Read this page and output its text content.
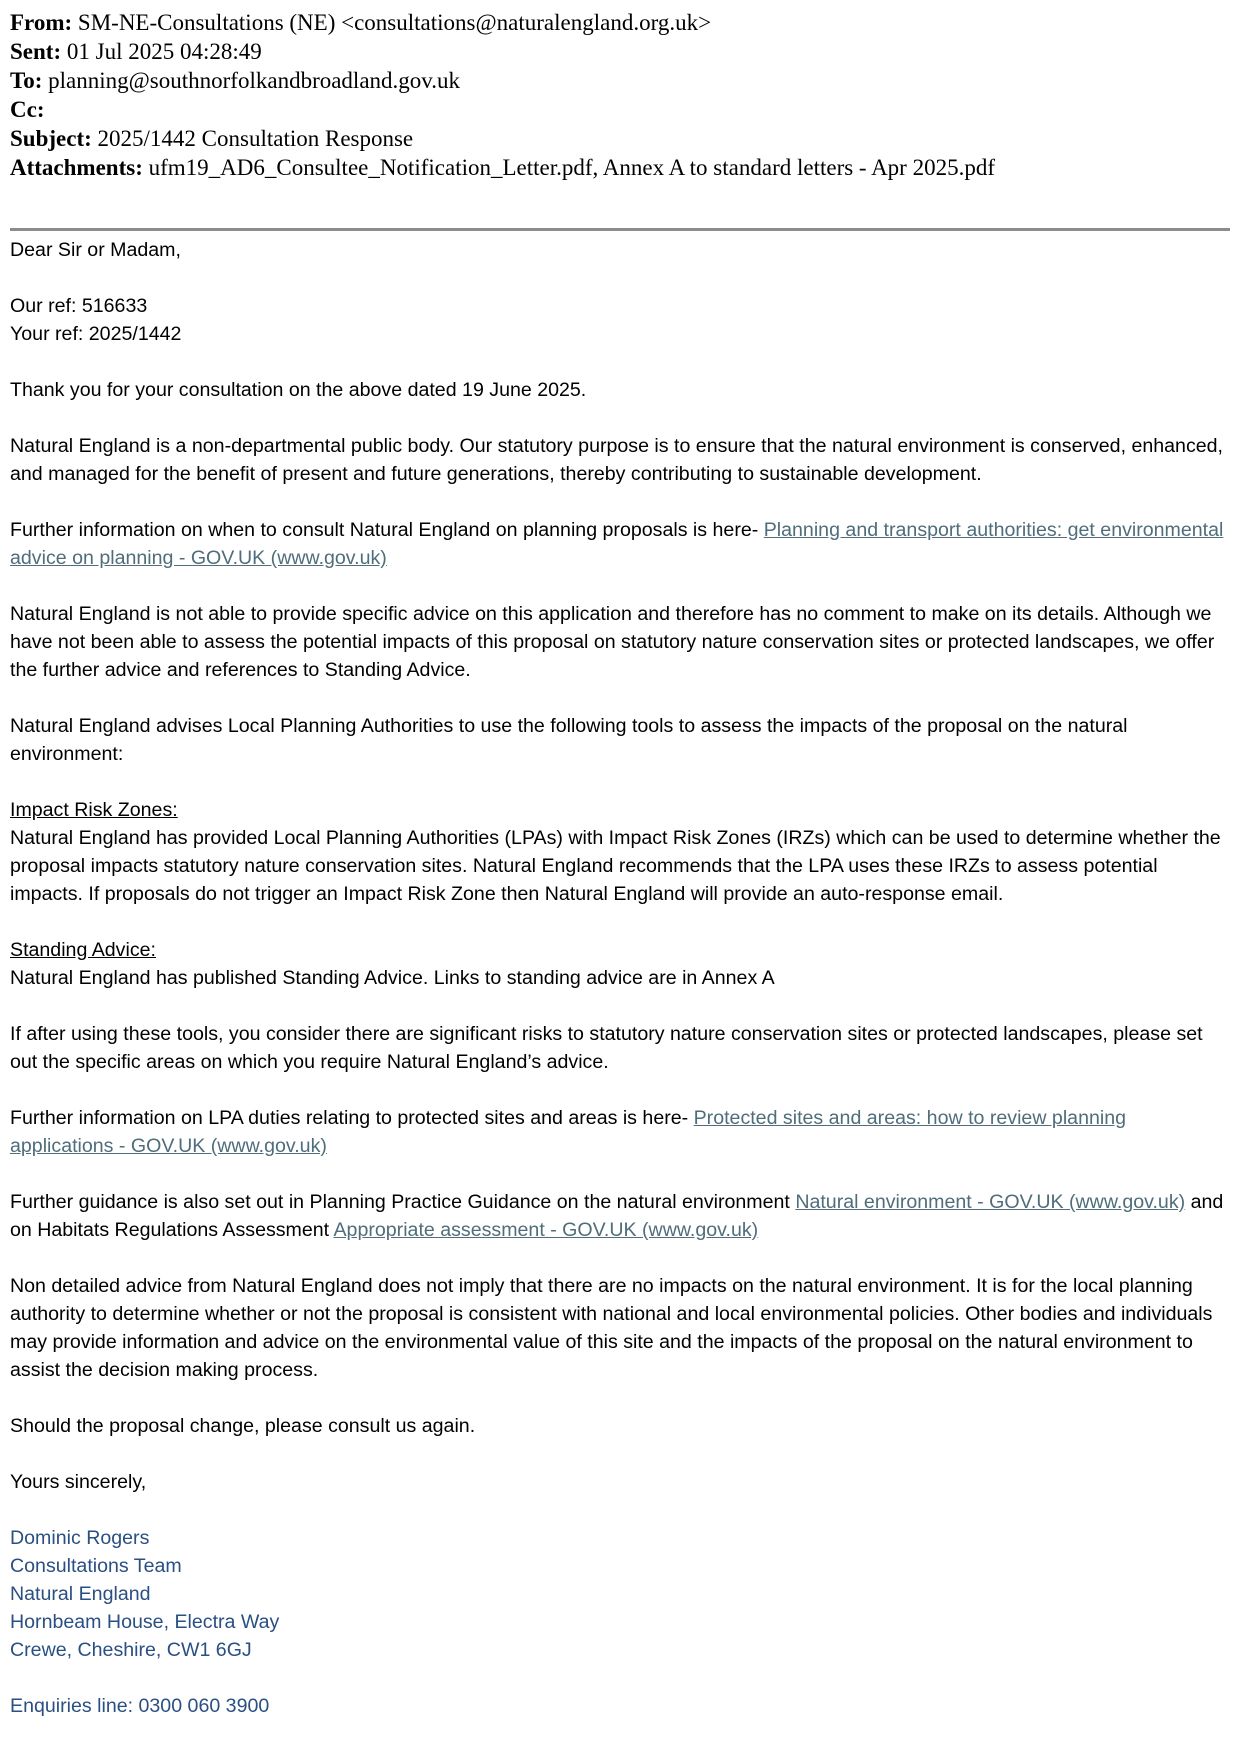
From: SM-NE-Consultations (NE) <consultations@naturalengland.org.uk>
Sent: 01 Jul 2025 04:28:49
To: planning@southnorfolkandbroadland.gov.uk
Cc:
Subject: 2025/1442 Consultation Response
Attachments: ufm19_AD6_Consultee_Notification_Letter.pdf, Annex A to standard letters - Apr 2025.pdf

Dear Sir or Madam,

Our ref: 516633

Your ref: 2025/1442

Thank you for your consultation on the above dated 19 June 2025.

Natural England is a non-departmental public body. Our statutory purpose is to ensure that the natural environment is conserved, enhanced, and managed for the benefit of present and future generations, thereby contributing to sustainable development.

Further information on when to consult Natural England on planning proposals is here- Planning and transport authorities: get environmental advice on planning - GOV.UK (www.gov.uk)

Natural England is not able to provide specific advice on this application and therefore has no comment to make on its details. Although we have not been able to assess the potential impacts of this proposal on statutory nature conservation sites or protected landscapes, we offer the further advice and references to Standing Advice.

Natural England advises Local Planning Authorities to use the following tools to assess the impacts of the proposal on the natural environment:

Impact Risk Zones:

Natural England has provided Local Planning Authorities (LPAs) with Impact Risk Zones (IRZs) which can be used to determine whether the proposal impacts statutory nature conservation sites. Natural England recommends that the LPA uses these IRZs to assess potential impacts. If proposals do not trigger an Impact Risk Zone then Natural England will provide an auto-response email.

Standing Advice:

Natural England has published Standing Advice. Links to standing advice are in Annex A

If after using these tools, you consider there are significant risks to statutory nature conservation sites or protected landscapes, please set out the specific areas on which you require Natural England’s advice.

Further information on LPA duties relating to protected sites and areas is here- Protected sites and areas: how to review planning applications - GOV.UK (www.gov.uk)

Further guidance is also set out in Planning Practice Guidance on the natural environment Natural environment - GOV.UK (www.gov.uk) and on Habitats Regulations Assessment Appropriate assessment - GOV.UK (www.gov.uk)

Non detailed advice from Natural England does not imply that there are no impacts on the natural environment. It is for the local planning authority to determine whether or not the proposal is consistent with national and local environmental policies. Other bodies and individuals may provide information and advice on the environmental value of this site and the impacts of the proposal on the natural environment to assist the decision making process.

Should the proposal change, please consult us again.

Yours sincerely,

Dominic Rogers

Consultations Team

Natural England

Hornbeam House, Electra Way

Crewe, Cheshire, CW1 6GJ

Enquiries line: 0300 060 3900
